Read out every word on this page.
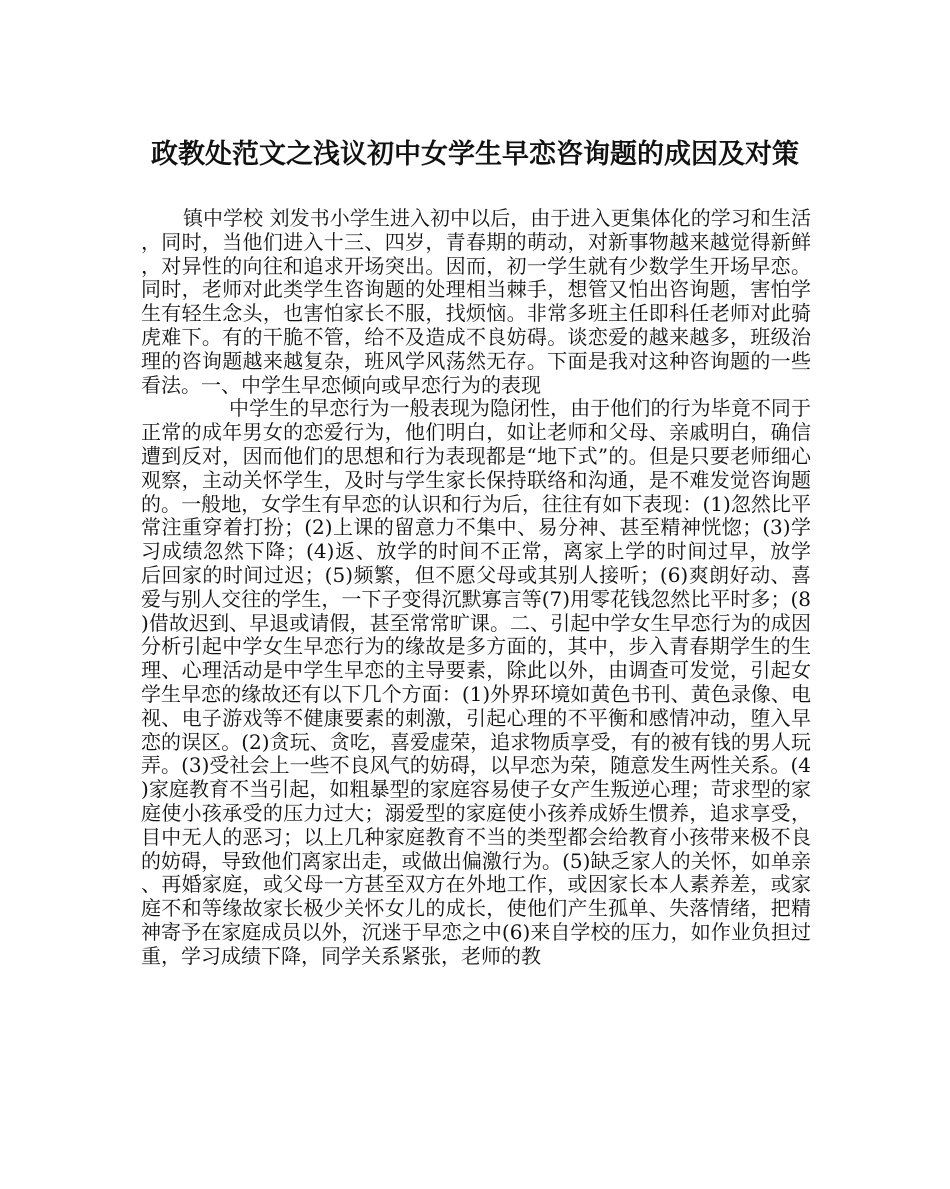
政教处范文之浅议初中女学生早恋咨询题的成因及对策

镇中学校 刘发书小学生进入初中以后，由于进入更集体化的学习和生活，同时，当他们进入十三、四岁，青春期的萌动，对新事物越来越觉得新鲜，对异性的向往和追求开场突出。因而，初一学生就有少数学生开场早恋。同时，老师对此类学生咨询题的处理相当棘手，想管又怕出咨询题，害怕学生有轻生念头，也害怕家长不服，找烦恼。非常多班主任即科任老师对此骑虎难下。有的干脆不管，给不及造成不良妨碍。谈恋爱的越来越多，班级治理的咨询题越来越复杂，班风学风荡然无存。下面是我对这种咨询题的一些看法。一、中学生早恋倾向或早恋行为的表现

中学生的早恋行为一般表现为隐闭性，由于他们的行为毕竟不同于正常的成年男女的恋爱行为，他们明白，如让老师和父母、亲戚明白，确信遭到反对，因而他们的思想和行为表现都是“地下式”的。但是只要老师细心观察，主动关怀学生，及时与学生家长保持联络和沟通，是不难发觉咨询题的。一般地，女学生有早恋的认识和行为后，往往有如下表现：(1)忽然比平常注重穿着打扮；(2)上课的留意力不集中、易分神、甚至精神恍惚；(3)学习成绩忽然下降；(4)返、放学的时间不正常，离家上学的时间过早，放学 后回家的时间过迟；(5)频繁，但不愿父母或其别人接听；(6)爽朗好动、喜爱与别人交往的学生，一下子变得沉默寡言等(7)用零花钱忽然比平时多；(8)借故迟到、早退或请假，甚至常常旷课。二、引起中学女生早恋行为的成因分析引起中学女生早恋行为的缘故是多方面的，其中，步入青春期学生的生理、心理活动是中学生早恋的主导要素，除此以外，由调查可发觉，引起女学生早恋的缘故还有以下几个方面：(1)外界环境如黄色书刊、黄色录像、电视、电子游戏等不健康要素的刺激，引起心理的不平衡和感情冲动，堕入早恋的误区。(2)贪玩、贪吃，喜爱虚荣，追求物质享受，有的被有钱的男人玩弄。(3)受社会上一些不良风气的妨碍，以早恋为荣，随意发生两性关系。(4)家庭教育不当引起，如粗暴型的家庭容易使子女产生叛逆心理；苛求型的家庭使小孩承受的压力过大；溺爱型的家庭使小孩养成娇生惯养，追求享受，目中无人的恶习；以上几种家庭教育不当的类型都会给教育小孩带来极不良的妨碍，导致他们离家出走，或做出偏激行为。(5)缺乏家人的关怀，如单亲、再婚家庭，或父母一方甚至双方在外地工作，或因家长本人素养差，或家庭不和等缘故家长极少关怀女儿的成长，使他们产生孤单、失落情绪，把精神寄予在家庭成员以外，沉迷于早恋之中(6)来自学校的压力，如作业负担过重，学习成绩下降，同学关系紧张，老师的教
